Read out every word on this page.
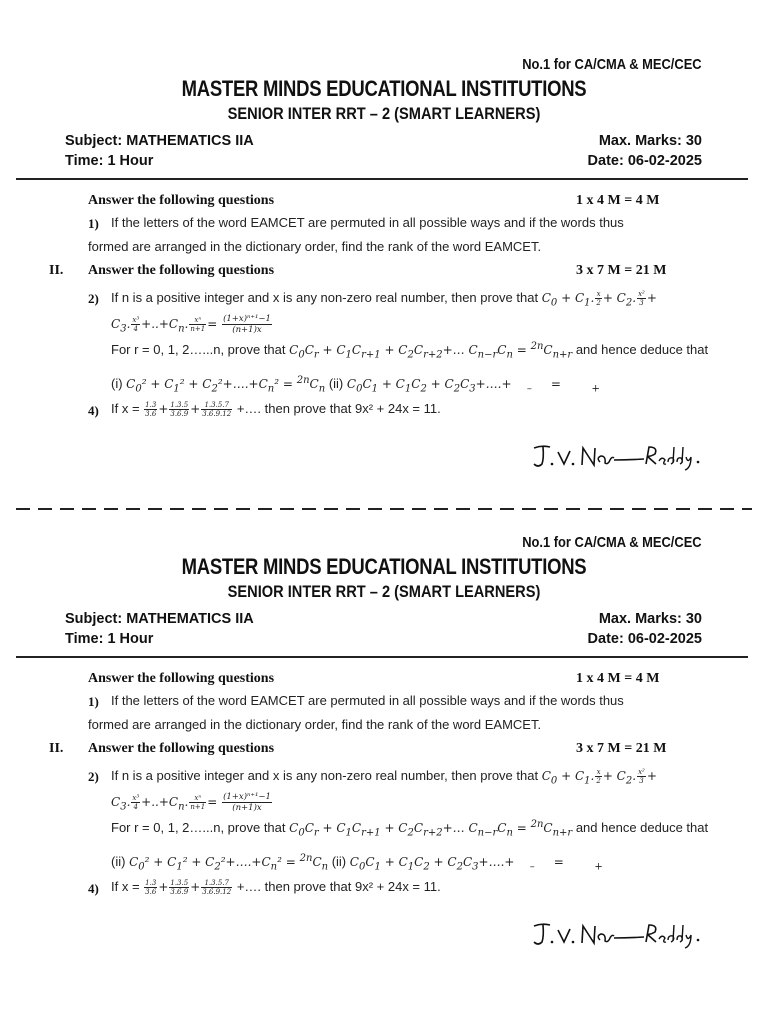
No.1 for CA/CMA & MEC/CEC
MASTER MINDS EDUCATIONAL INSTITUTIONS
SENIOR INTER RRT – 2 (SMART LEARNERS)
Subject: MATHEMATICS IIA
Time: 1 Hour
Max. Marks: 30
Date: 06-02-2025
Answer the following questions	1 x 4 M = 4 M
1) If the letters of the word EAMCET are permuted in all possible ways and if the words thus
formed are arranged in the dictionary order, find the rank of the word EAMCET.
II. Answer the following questions	3 x 7 M = 21 M
2) If n is a positive integer and x is any non-zero real number, then prove that $C_0 + C_1$. $\frac{x}{2} + C_2$. $\frac{\text{x²}}{3}$ +
$C_3$. $\frac{\text{x³}}{4} +..+C_n$. $\frac{\text{xⁿ}}{n+1} = \frac{\text{(1+x)ⁿ⁺¹−1}}{(n+1)x}$
For r = 0, 1, 2…...n, prove that $C_0C_r + C_1C_{r+1}$ + $C_2C_{r+2}+\dots$ $C_{n-r}C_n = ^{2n}C_{n+r}$ and hence deduce that
(i) $C_0^2 + C_1^2$ + $C_2^2+\dots.+C_n^2 = ^{2n}C_n$ (ii) $C_0C_1 + C_1C_2$ + $C_2C_3+\dots.+$    $_-$     =        $_+$
4) If $x = \frac{1.3}{3.6} + \frac{1.3.5}{3.6.9} + \frac{1.3.5.7}{3.6.9.12}$ +…. then prove that 9x² + 24x = 11.
No.1 for CA/CMA & MEC/CEC
MASTER MINDS EDUCATIONAL INSTITUTIONS
SENIOR INTER RRT – 2 (SMART LEARNERS)
Subject: MATHEMATICS IIA
Time: 1 Hour
Max. Marks: 30
Date: 06-02-2025
Answer the following questions	1 x 4 M = 4 M
1) If the letters of the word EAMCET are permuted in all possible ways and if the words thus
formed are arranged in the dictionary order, find the rank of the word EAMCET.
II. Answer the following questions	3 x 7 M = 21 M
2) If n is a positive integer and x is any non-zero real number, then prove that $C_0 + C_1$. $\frac{x}{2} + C_2$. $\frac{\text{x²}}{3}$ +
$C_3$. $\frac{\text{x³}}{4} +..+C_n$. $\frac{\text{xⁿ}}{n+1} = \frac{\text{(1+x)ⁿ⁺¹−1}}{(n+1)x}$
For r = 0, 1, 2…...n, prove that $C_0C_r + C_1C_{r+1}$ + $C_2C_{r+2}+\dots$ $C_{n-r}C_n = ^{2n}C_{n+r}$ and hence deduce that
(ii) $C_0^2 + C_1^2$ + $C_2^2+\dots.+C_n^2 = ^{2n}C_n$ (ii) $C_0C_1 + C_1C_2$ + $C_2C_3+\dots.+$    $_-$     =        $_+$
4) If $x = \frac{1.3}{3.6} + \frac{1.3.5}{3.6.9} + \frac{1.3.5.7}{3.6.9.12}$ +…. then prove that 9x² + 24x = 11.
